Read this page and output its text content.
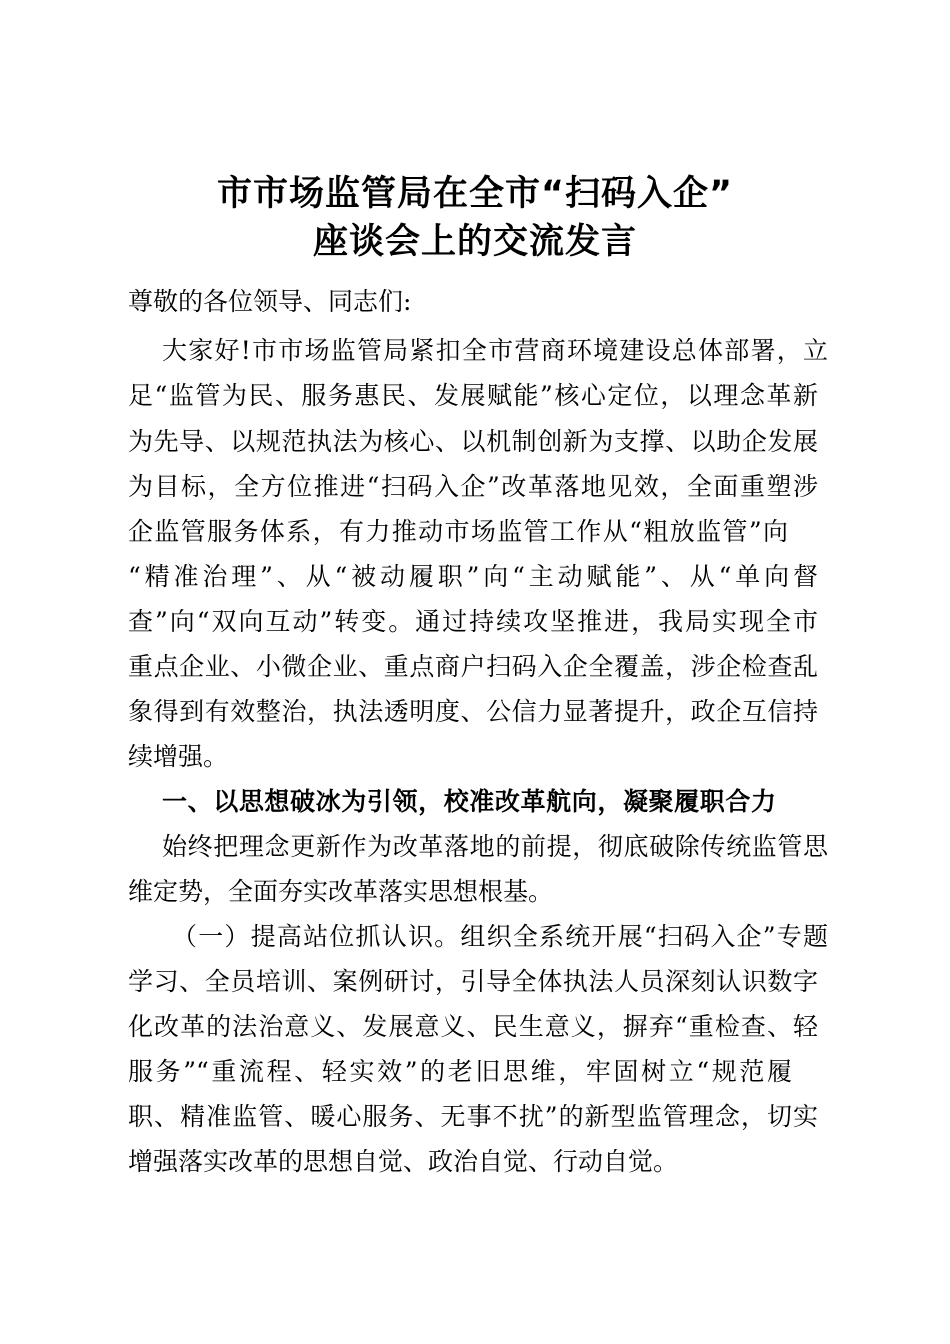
市市场监管局在全市“扫码入企”
座谈会上的交流发言
尊敬的各位领导、同志们:
大家好!市市场监管局紧扣全市营商环境建设总体部署，立
足“监管为民、服务惠民、发展赋能”核心定位，以理念革新
为先导、以规范执法为核心、以机制创新为支撑、以助企发展
为目标，全方位推进“扫码入企”改革落地见效，全面重塑涉
企监管服务体系，有力推动市场监管工作从“粗放监管”向
“精准治理”、从“被动履职”向“主动赋能”、从“单向督
查”向“双向互动”转变。通过持续攻坚推进，我局实现全市
重点企业、小微企业、重点商户扫码入企全覆盖，涉企检查乱
象得到有效整治，执法透明度、公信力显著提升，政企互信持
续增强。
一、以思想破冰为引领，校准改革航向，凝聚履职合力
始终把理念更新作为改革落地的前提，彻底破除传统监管思
维定势，全面夯实改革落实思想根基。
（一）提高站位抓认识。组织全系统开展“扫码入企”专题
学习、全员培训、案例研讨，引导全体执法人员深刻认识数字
化改革的法治意义、发展意义、民生意义，摒弃“重检查、轻
服务”“重流程、轻实效”的老旧思维，牢固树立“规范履
职、精准监管、暖心服务、无事不扰”的新型监管理念，切实
增强落实改革的思想自觉、政治自觉、行动自觉。
